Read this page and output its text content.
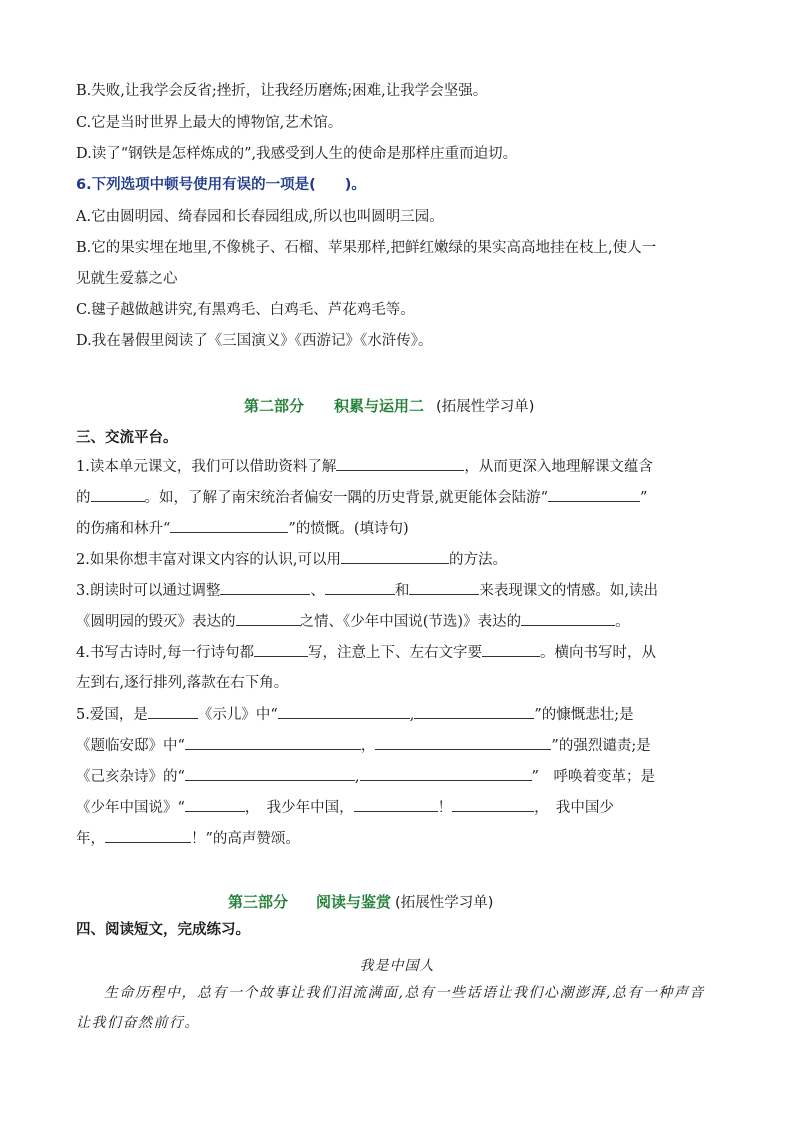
B.失败,让我学会反省;挫折，让我经历磨炼;困难,让我学会坚强。
C.它是当时世界上最大的博物馆,艺术馆。
D.读了“钢铁是怎样炼成的”,我感受到人生的使命是那样庄重而迫切。
6.下列选项中顿号使用有误的一项是(　　)。
A.它由圆明园、绮春园和长春园组成,所以也叫圆明三园。
B.它的果实埋在地里,不像桃子、石榴、苹果那样,把鲜红嫩绿的果实高高地挂在枝上,使人一
见就生爱慕之心
C.毽子越做越讲究,有黑鸡毛、白鸡毛、芦花鸡毛等。
D.我在暑假里阅读了《三国演义》《西游记》《水浒传》。
第二部分 积累与运用二 (拓展性学习单)
三、交流平台。
1.读本单元课文，我们可以借助资料了解	，从而更深入地理解课文蕴含
的	。如，了解了南宋统治者偏安一隅的历史背景,就更能体会陆游“	”
的伤痛和林升“	”的愤慨。(填诗句)
2.如果你想丰富对课文内容的认识,可以用	的方法。
3.朗读时可以通过调整	、	和	来表现课文的情感。如,读出
《圆明园的毁灭》表达的	之情、《少年中国说(节选)》表达的	。
4.书写古诗时,每一行诗句都	写，注意上下、左右文字要	。横向书写时，从
左到右,逐行排列,落款在右下角。
5.爱国，是	《示儿》中“	,	”的慷慨悲壮;是
《题临安邸》中“	，	”的强烈谴责;是
《己亥杂诗》的“	,	”　呼唤着变革；是
《少年中国说》“	，　我少年中国，	！	，　我中国少
年，	！”的高声赞颂。
第三部分 阅读与鉴赏 (拓展性学习单)
四、阅读短文，完成练习。
我是中国人
生命历程中，总有一个故事让我们泪流满面,总有一些话语让我们心潮澎湃,总有一种声音让我们奋然前行。
